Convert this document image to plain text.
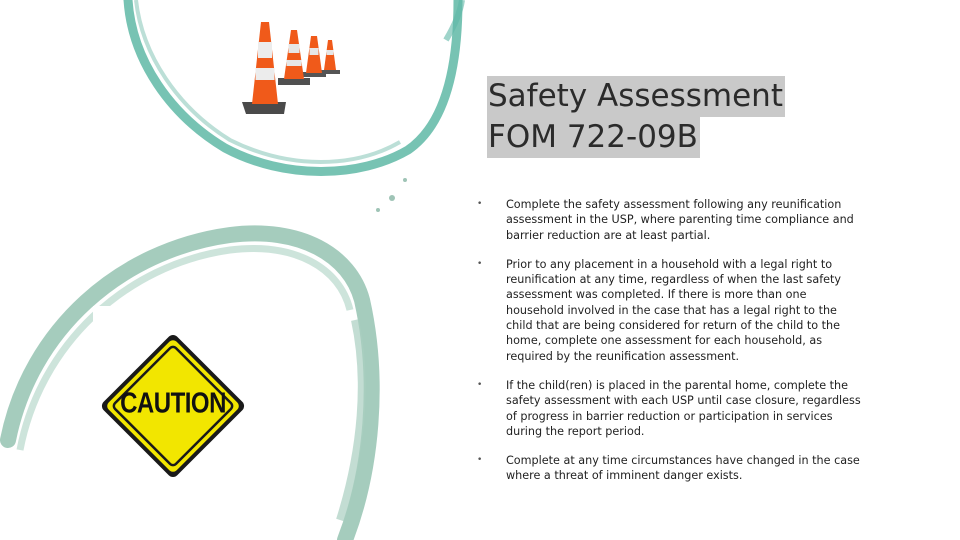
CAUTION
Safety Assessment
FOM 722-09B
• Complete the safety assessment following any reunification assessment in the USP, where parenting time compliance and barrier reduction are at least partial.
• Prior to any placement in a household with a legal right to reunification at any time, regardless of when the last safety assessment was completed. If there is more than one household involved in the case that has a legal right to the child that are being considered for return of the child to the home, complete one assessment for each household, as required by the reunification assessment.
• If the child(ren) is placed in the parental home, complete the safety assessment with each USP until case closure, regardless of progress in barrier reduction or participation in services during the report period.
• Complete at any time circumstances have changed in the case where a threat of imminent danger exists.
